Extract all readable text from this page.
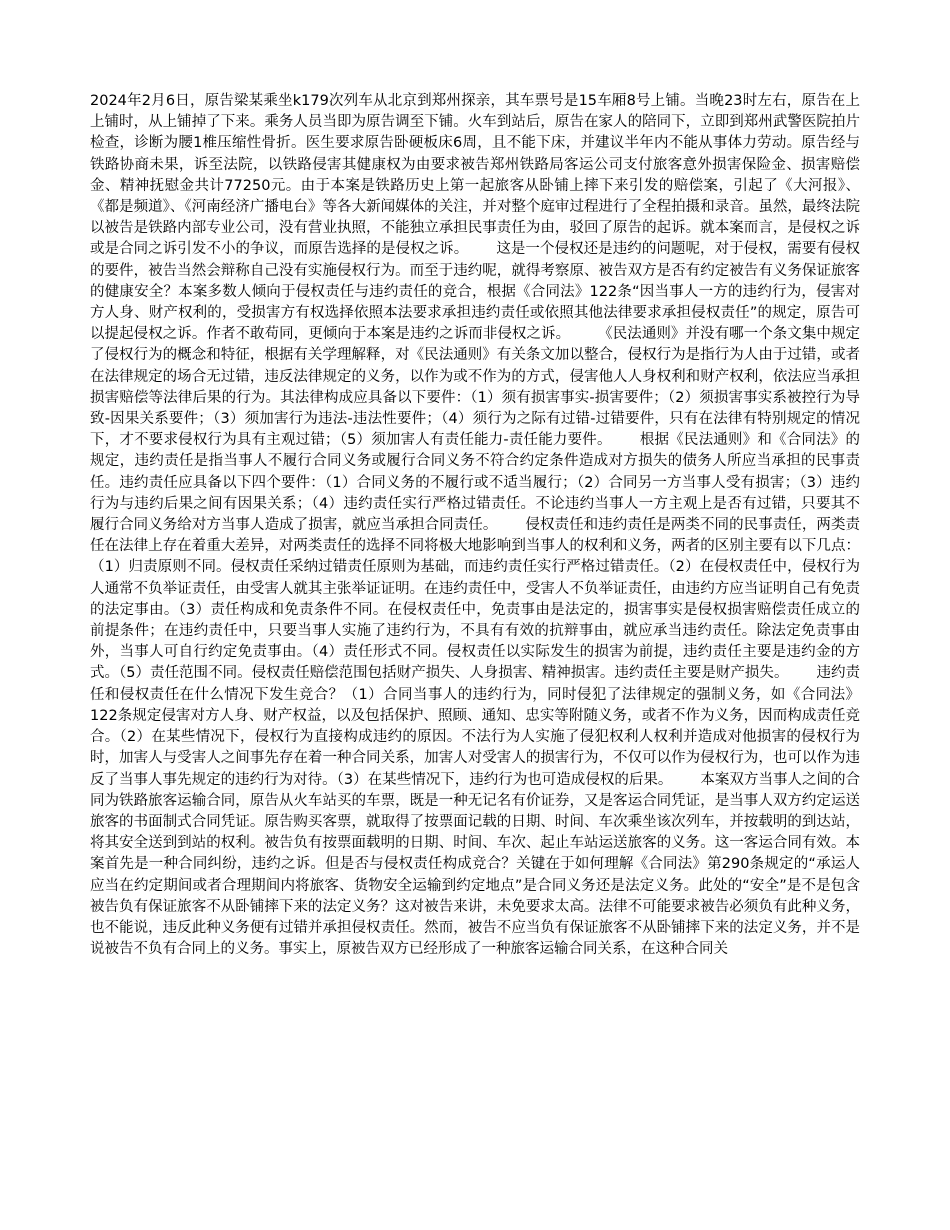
2024年2月6日，原告梁某乘坐k179次列车从北京到郑州探亲，其车票号是15车厢8号上铺。当晚23时左右，原告在上上铺时，从上铺掉了下来。乘务人员当即为原告调至下铺。火车到站后，原告在家人的陪同下，立即到郑州武警医院拍片检查，诊断为腰1椎压缩性骨折。医生要求原告卧硬板床6周，且不能下床，并建议半年内不能从事体力劳动。原告经与铁路协商未果，诉至法院，以铁路侵害其健康权为由要求被告郑州铁路局客运公司支付旅客意外损害保险金、损害赔偿金、精神抚慰金共计77250元。由于本案是铁路历史上第一起旅客从卧铺上摔下来引发的赔偿案，引起了《大河报》、《都是频道》、《河南经济广播电台》等各大新闻媒体的关注，并对整个庭审过程进行了全程拍摄和录音。虽然，最终法院以被告是铁路内部专业公司，没有营业执照，不能独立承担民事责任为由，驳回了原告的起诉。就本案而言，是侵权之诉或是合同之诉引发不小的争议，而原告选择的是侵权之诉。 这是一个侵权还是违约的问题呢，对于侵权，需要有侵权的要件，被告当然会辩称自己没有实施侵权行为。而至于违约呢，就得考察原、被告双方是否有约定被告有义务保证旅客的健康安全？本案多数人倾向于侵权责任与违约责任的竞合，根据《合同法》122条“因当事人一方的违约行为，侵害对方人身、财产权利的，受损害方有权选择依照本法要求承担违约责任或依照其他法律要求承担侵权责任”的规定，原告可以提起侵权之诉。作者不敢苟同，更倾向于本案是违约之诉而非侵权之诉。 《民法通则》并没有哪一个条文集中规定了侵权行为的概念和特征，根据有关学理解释，对《民法通则》有关条文加以整合，侵权行为是指行为人由于过错，或者在法律规定的场合无过错，违反法律规定的义务，以作为或不作为的方式，侵害他人人身权利和财产权利，依法应当承担损害赔偿等法律后果的行为。其法律构成应具备以下要件：（1）须有损害事实-损害要件；（2）须损害事实系被控行为导致-因果关系要件；（3）须加害行为违法-违法性要件；（4）须行为之际有过错-过错要件，只有在法律有特别规定的情况下，才不要求侵权行为具有主观过错；（5）须加害人有责任能力-责任能力要件。 根据《民法通则》和《合同法》的规定，违约责任是指当事人不履行合同义务或履行合同义务不符合约定条件造成对方损失的债务人所应当承担的民事责任。违约责任应具备以下四个要件：（1）合同义务的不履行或不适当履行；（2）合同另一方当事人受有损害；（3）违约行为与违约后果之间有因果关系；（4）违约责任实行严格过错责任。不论违约当事人一方主观上是否有过错，只要其不履行合同义务给对方当事人造成了损害，就应当承担合同责任。 侵权责任和违约责任是两类不同的民事责任，两类责任在法律上存在着重大差异，对两类责任的选择不同将极大地影响到当事人的权利和义务，两者的区别主要有以下几点：（1）归责原则不同。侵权责任采纳过错责任原则为基础，而违约责任实行严格过错责任。（2）在侵权责任中，侵权行为人通常不负举证责任，由受害人就其主张举证证明。在违约责任中，受害人不负举证责任，由违约方应当证明自己有免责的法定事由。（3）责任构成和免责条件不同。在侵权责任中，免责事由是法定的，损害事实是侵权损害赔偿责任成立的前提条件；在违约责任中，只要当事人实施了违约行为，不具有有效的抗辩事由，就应承当违约责任。除法定免责事由外，当事人可自行约定免责事由。（4）责任形式不同。侵权责任以实际发生的损害为前提，违约责任主要是违约金的方式。（5）责任范围不同。侵权责任赔偿范围包括财产损失、人身损害、精神损害。违约责任主要是财产损失。 违约责任和侵权责任在什么情况下发生竞合？（1）合同当事人的违约行为，同时侵犯了法律规定的强制义务，如《合同法》122条规定侵害对方人身、财产权益，以及包括保护、照顾、通知、忠实等附随义务，或者不作为义务，因而构成责任竞合。（2）在某些情况下，侵权行为直接构成违约的原因。不法行为人实施了侵犯权利人权利并造成对他损害的侵权行为时，加害人与受害人之间事先存在着一种合同关系，加害人对受害人的损害行为，不仅可以作为侵权行为，也可以作为违反了当事人事先规定的违约行为对待。（3）在某些情况下，违约行为也可造成侵权的后果。 本案双方当事人之间的合同为铁路旅客运输合同，原告从火车站买的车票，既是一种无记名有价证券，又是客运合同凭证，是当事人双方约定运送旅客的书面制式合同凭证。原告购买客票，就取得了按票面记载的日期、时间、车次乘坐该次列车，并按载明的到达站，将其安全送到到站的权利。被告负有按票面载明的日期、时间、车次、起止车站运送旅客的义务。这一客运合同有效。本案首先是一种合同纠纷，违约之诉。但是否与侵权责任构成竞合？关键在于如何理解《合同法》第290条规定的“承运人应当在约定期间或者合理期间内将旅客、货物安全运输到约定地点”是合同义务还是法定义务。此处的“安全”是不是包含被告负有保证旅客不从卧铺摔下来的法定义务？这对被告来讲，未免要求太高。法律不可能要求被告必须负有此种义务，也不能说，违反此种义务便有过错并承担侵权责任。然而，被告不应当负有保证旅客不从卧铺摔下来的法定义务，并不是说被告不负有合同上的义务。事实上，原被告双方已经形成了一种旅客运输合同关系，在这种合同关
